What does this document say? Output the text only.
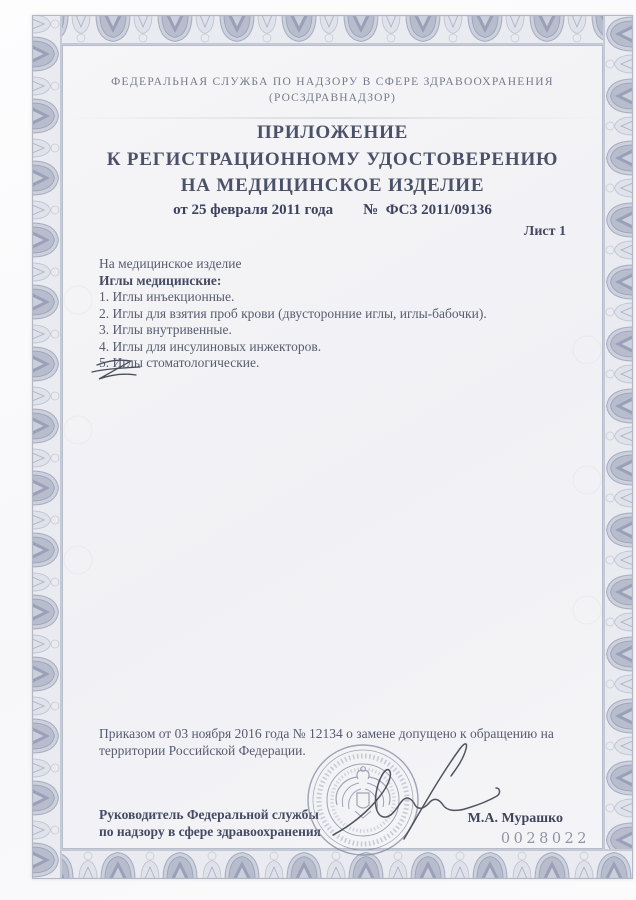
ФЕДЕРАЛЬНАЯ СЛУЖБА ПО НАДЗОРУ В СФЕРЕ ЗДРАВООХРАНЕНИЯ
(РОСЗДРАВНАДЗОР)
ПРИЛОЖЕНИЕ
К РЕГИСТРАЦИОННОМУ УДОСТОВЕРЕНИЮ
НА МЕДИЦИНСКОЕ ИЗДЕЛИЕ
от 25 февраля 2011 года №  ФСЗ 2011/09136
Лист 1
На медицинское изделие
Иглы медицинские:
1. Иглы инъекционные.
2. Иглы для взятия проб крови (двусторонние иглы, иглы-бабочки).
3. Иглы внутривенные.
4. Иглы для инсулиновых инжекторов.
5. Иглы стоматологические.
Приказом от 03 ноября 2016 года № 12134 о замене допущено к обращению на территории Российской Федерации.
Руководитель Федеральной службы
по надзору в сфере здравоохранения
М.А. Мурашко
0028022
